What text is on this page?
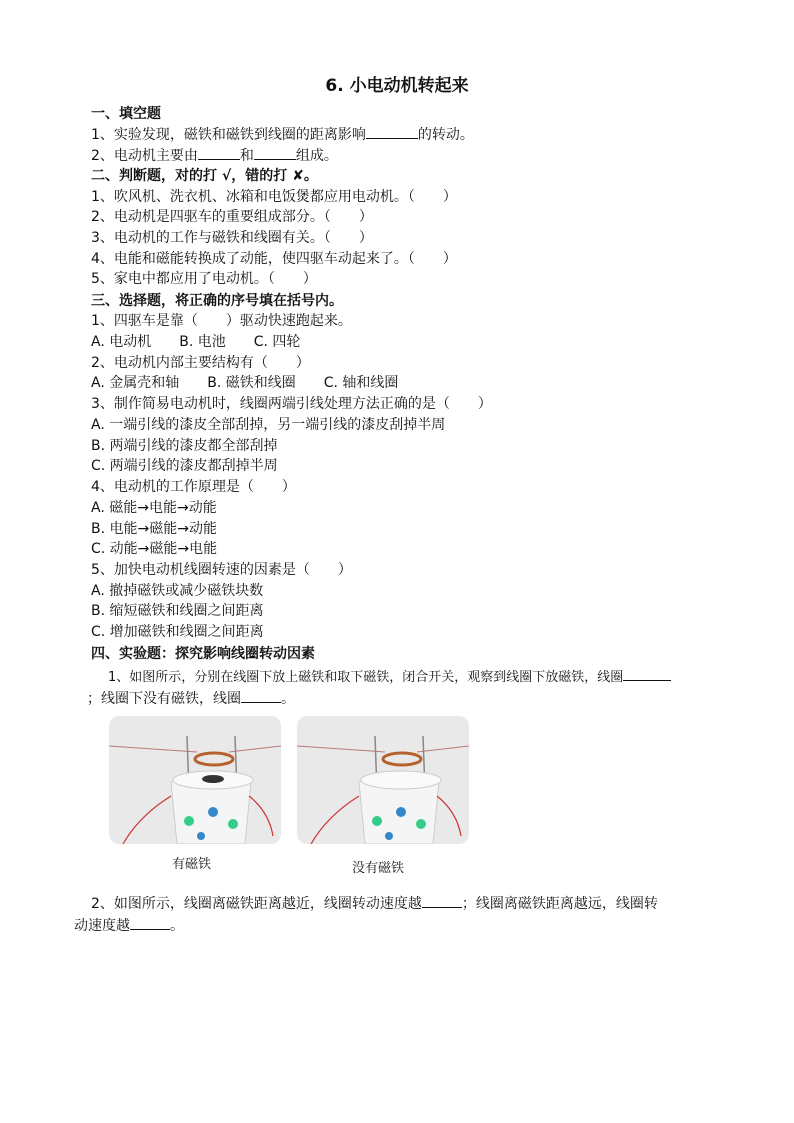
6. 小电动机转起来
一、填空题
1、实验发现，磁铁和磁铁到线圈的距离影响	的转动。
2、电动机主要由	和	组成。
二、判断题，对的打 √，错的打 ✘。
1、吹风机、洗衣机、冰箱和电饭煲都应用电动机。（　　）
2、电动机是四驱车的重要组成部分。（　　）
3、电动机的工作与磁铁和线圈有关。（　　）
4、电能和磁能转换成了动能，使四驱车动起来了。（　　）
5、家电中都应用了电动机。（　　）
三、选择题，将正确的序号填在括号内。
1、四驱车是靠（　　）驱动快速跑起来。
A. 电动机　　B. 电池　　C. 四轮
2、电动机内部主要结构有（　　）
A. 金属壳和轴　　B. 磁铁和线圈　　C. 轴和线圈
3、制作简易电动机时，线圈两端引线处理方法正确的是（　　）
A. 一端引线的漆皮全部刮掉，另一端引线的漆皮刮掉半周
B. 两端引线的漆皮都全部刮掉
C. 两端引线的漆皮都刮掉半周
4、电动机的工作原理是（　　）
A. 磁能→电能→动能
B. 电能→磁能→动能
C. 动能→磁能→电能
5、加快电动机线圈转速的因素是（　　）
A. 撤掉磁铁或减少磁铁块数
B. 缩短磁铁和线圈之间距离
C. 增加磁铁和线圈之间距离
四、实验题：探究影响线圈转动因素
1、如图所示，分别在线圈下放上磁铁和取下磁铁，闭合开关，观察到线圈下放磁铁，线圈
；线圈下没有磁铁，线圈	。
有磁铁	没有磁铁
2、如图所示，线圈离磁铁距离越近，线圈转动速度越	；线圈离磁铁距离越远，线圈转
动速度越	。
